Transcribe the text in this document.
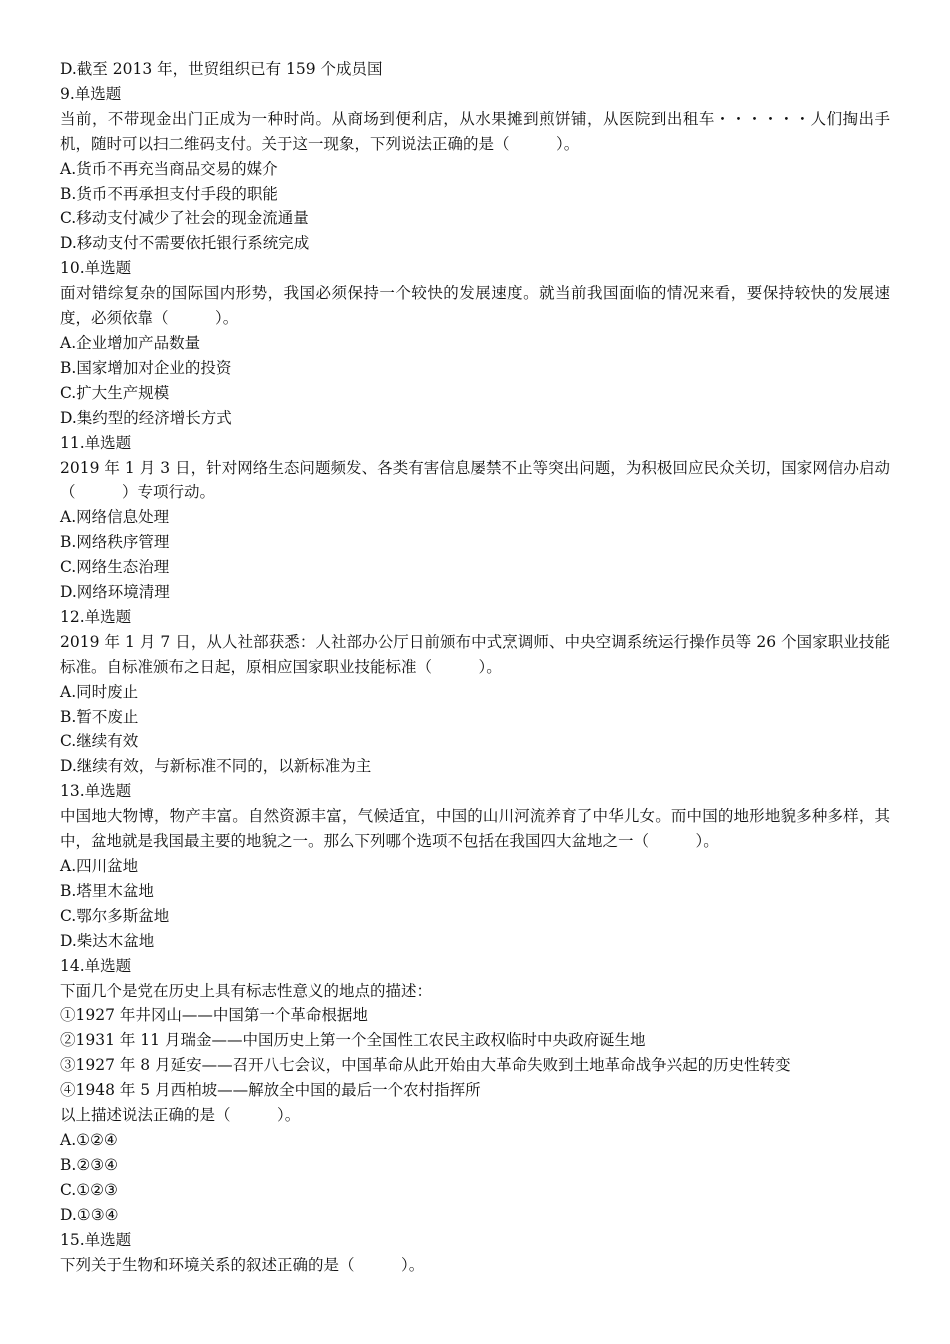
D.截至 2013 年，世贸组织已有 159 个成员国

9.单选题

当前，不带现金出门正成为一种时尚。从商场到便利店，从水果摊到煎饼铺，从医院到出租车・・・・・・人们掏出手机，随时可以扫二维码支付。关于这一现象，下列说法正确的是（　　　）。

A.货币不再充当商品交易的媒介

B.货币不再承担支付手段的职能

C.移动支付减少了社会的现金流通量

D.移动支付不需要依托银行系统完成

10.单选题

面对错综复杂的国际国内形势，我国必须保持一个较快的发展速度。就当前我国面临的情况来看，要保持较快的发展速度，必须依靠（　　　）。

A.企业增加产品数量

B.国家增加对企业的投资

C.扩大生产规模

D.集约型的经济增长方式

11.单选题

2019 年 1 月 3 日，针对网络生态问题频发、各类有害信息屡禁不止等突出问题，为积极回应民众关切，国家网信办启动（　　　）专项行动。

A.网络信息处理

B.网络秩序管理

C.网络生态治理

D.网络环境清理

12.单选题

2019 年 1 月 7 日，从人社部获悉：人社部办公厅日前颁布中式烹调师、中央空调系统运行操作员等 26 个国家职业技能标准。自标准颁布之日起，原相应国家职业技能标准（　　　）。

A.同时废止

B.暂不废止

C.继续有效

D.继续有效，与新标准不同的，以新标准为主

13.单选题

中国地大物博，物产丰富。自然资源丰富，气候适宜，中国的山川河流养育了中华儿女。而中国的地形地貌多种多样，其中，盆地就是我国最主要的地貌之一。那么下列哪个选项不包括在我国四大盆地之一（　　　）。

A.四川盆地

B.塔里木盆地

C.鄂尔多斯盆地

D.柴达木盆地

14.单选题

下面几个是党在历史上具有标志性意义的地点的描述：

①1927 年井冈山——中国第一个革命根据地

②1931 年 11 月瑞金——中国历史上第一个全国性工农民主政权临时中央政府诞生地

③1927 年 8 月延安——召开八七会议，中国革命从此开始由大革命失败到土地革命战争兴起的历史性转变

④1948 年 5 月西柏坡——解放全中国的最后一个农村指挥所

以上描述说法正确的是（　　　）。

A.①②④

B.②③④

C.①②③

D.①③④

15.单选题

下列关于生物和环境关系的叙述正确的是（　　　）。
